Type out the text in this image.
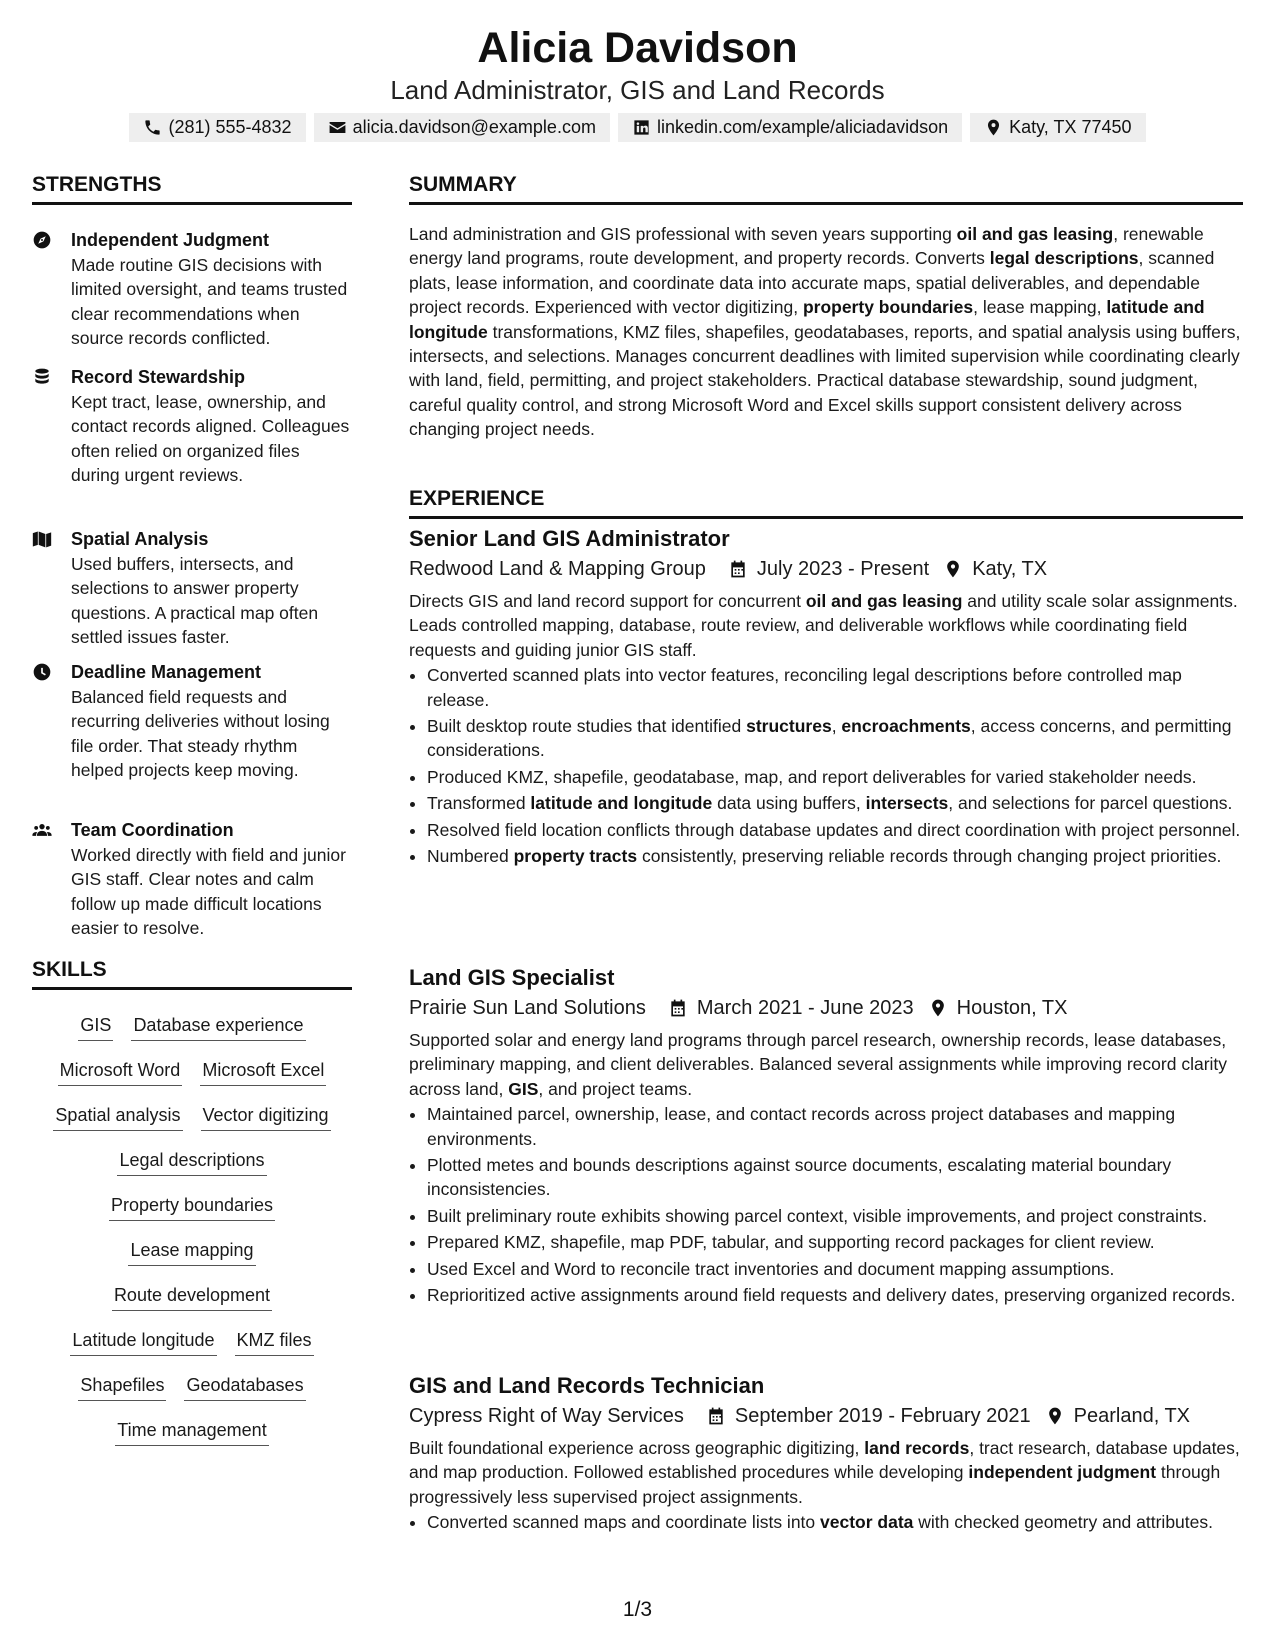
Alicia Davidson
Land Administrator, GIS and Land Records
(281) 555-4832	alicia.davidson@example.com	linkedin.com/example/aliciadavidson	Katy, TX 77450
STRENGTHS
Independent Judgment
Made routine GIS decisions with limited oversight, and teams trusted clear recommendations when source records conflicted.
Record Stewardship
Kept tract, lease, ownership, and contact records aligned. Colleagues often relied on organized files during urgent reviews.
Spatial Analysis
Used buffers, intersects, and selections to answer property questions. A practical map often settled issues faster.
Deadline Management
Balanced field requests and recurring deliveries without losing file order. That steady rhythm helped projects keep moving.
Team Coordination
Worked directly with field and junior GIS staff. Clear notes and calm follow up made difficult locations easier to resolve.
SKILLS
GIS Database experience
Microsoft Word Microsoft Excel
Spatial analysis Vector digitizing
Legal descriptions
Property boundaries
Lease mapping
Route development
Latitude longitude KMZ files
Shapefiles Geodatabases
Time management
SUMMARY
Land administration and GIS professional with seven years supporting oil and gas leasing, renewable energy land programs, route development, and property records. Converts legal descriptions, scanned plats, lease information, and coordinate data into accurate maps, spatial deliverables, and dependable project records. Experienced with vector digitizing, property boundaries, lease mapping, latitude and longitude transformations, KMZ files, shapefiles, geodatabases, reports, and spatial analysis using buffers, intersects, and selections. Manages concurrent deadlines with limited supervision while coordinating clearly with land, field, permitting, and project stakeholders. Practical database stewardship, sound judgment, careful quality control, and strong Microsoft Word and Excel skills support consistent delivery across changing project needs.
EXPERIENCE
Senior Land GIS Administrator
Redwood Land & Mapping Group	July 2023 - Present Katy, TX
Directs GIS and land record support for concurrent oil and gas leasing and utility scale solar assignments. Leads controlled mapping, database, route review, and deliverable workflows while coordinating field requests and guiding junior GIS staff.
• Converted scanned plats into vector features, reconciling legal descriptions before controlled map release.
• Built desktop route studies that identified structures, encroachments, access concerns, and permitting considerations.
• Produced KMZ, shapefile, geodatabase, map, and report deliverables for varied stakeholder needs.
• Transformed latitude and longitude data using buffers, intersects, and selections for parcel questions.
• Resolved field location conflicts through database updates and direct coordination with project personnel.
• Numbered property tracts consistently, preserving reliable records through changing project priorities.
Land GIS Specialist
Prairie Sun Land Solutions	March 2021 - June 2023 Houston, TX
Supported solar and energy land programs through parcel research, ownership records, lease databases, preliminary mapping, and client deliverables. Balanced several assignments while improving record clarity across land, GIS, and project teams.
• Maintained parcel, ownership, lease, and contact records across project databases and mapping environments.
• Plotted metes and bounds descriptions against source documents, escalating material boundary inconsistencies.
• Built preliminary route exhibits showing parcel context, visible improvements, and project constraints.
• Prepared KMZ, shapefile, map PDF, tabular, and supporting record packages for client review.
• Used Excel and Word to reconcile tract inventories and document mapping assumptions.
• Reprioritized active assignments around field requests and delivery dates, preserving organized records.
GIS and Land Records Technician
Cypress Right of Way Services	September 2019 - February 2021 Pearland, TX
Built foundational experience across geographic digitizing, land records, tract research, database updates, and map production. Followed established procedures while developing independent judgment through progressively less supervised project assignments.
• Converted scanned maps and coordinate lists into vector data with checked geometry and attributes.
1/3
